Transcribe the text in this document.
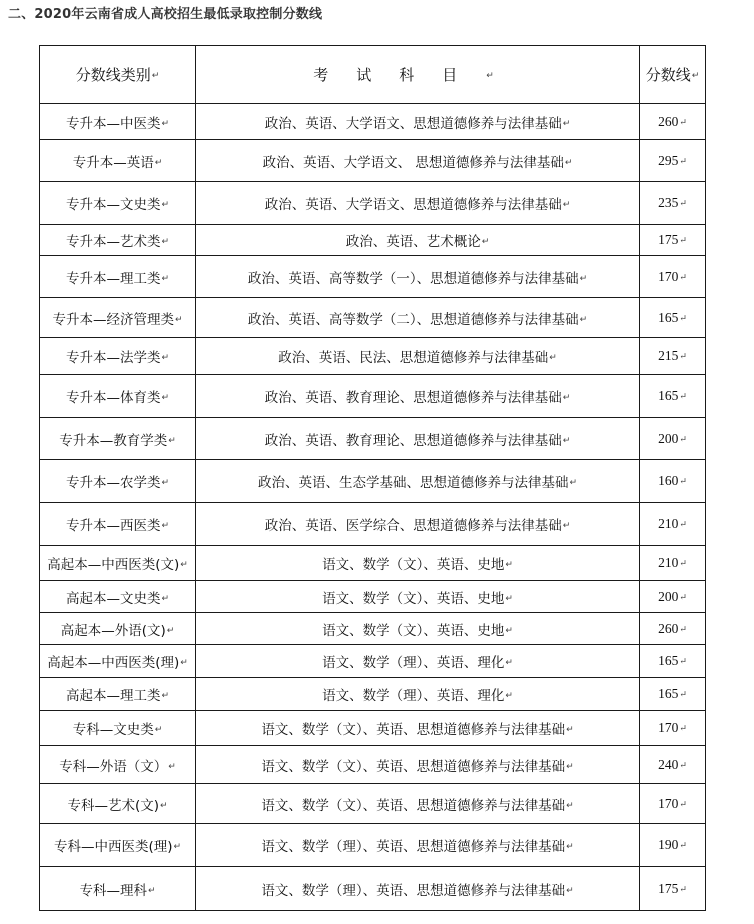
二、2020年云南省成人高校招生最低录取控制分数线
分数线类别↵	考试科目↵	分数线↵
专升本—中医类↵	政治、英语、大学语文、思想道德修养与法律基础↵	260↵
专升本—英语↵	政治、英语、大学语文、 思想道德修养与法律基础↵	295↵
专升本—文史类↵	政治、英语、大学语文、思想道德修养与法律基础↵	235↵
专升本—艺术类↵	政治、英语、艺术概论↵	175↵
专升本—理工类↵	政治、英语、高等数学（一）、思想道德修养与法律基础↵	170↵
专升本—经济管理类↵	政治、英语、高等数学（二）、思想道德修养与法律基础↵	165↵
专升本—法学类↵	政治、英语、民法、思想道德修养与法律基础↵	215↵
专升本—体育类↵	政治、英语、教育理论、思想道德修养与法律基础↵	165↵
专升本—教育学类↵	政治、英语、教育理论、思想道德修养与法律基础↵	200↵
专升本—农学类↵	政治、英语、生态学基础、思想道德修养与法律基础↵	160↵
专升本—西医类↵	政治、英语、医学综合、思想道德修养与法律基础↵	210↵
高起本—中西医类(文)↵	语文、数学（文）、英语、史地↵	210↵
高起本—文史类↵	语文、数学（文）、英语、史地↵	200↵
高起本—外语(文)↵	语文、数学（文）、英语、史地↵	260↵
高起本—中西医类(理)↵	语文、数学（理）、英语、理化↵	165↵
高起本—理工类↵	语文、数学（理）、英语、理化↵	165↵
专科—文史类↵	语文、数学（文）、英语、思想道德修养与法律基础↵	170↵
专科—外语（文）↵	语文、数学（文）、英语、思想道德修养与法律基础↵	240↵
专科—艺术(文)↵	语文、数学（文）、英语、思想道德修养与法律基础↵	170↵
专科—中西医类(理)↵	语文、数学（理）、英语、思想道德修养与法律基础↵	190↵
专科—理科↵	语文、数学（理）、英语、思想道德修养与法律基础↵	175↵
